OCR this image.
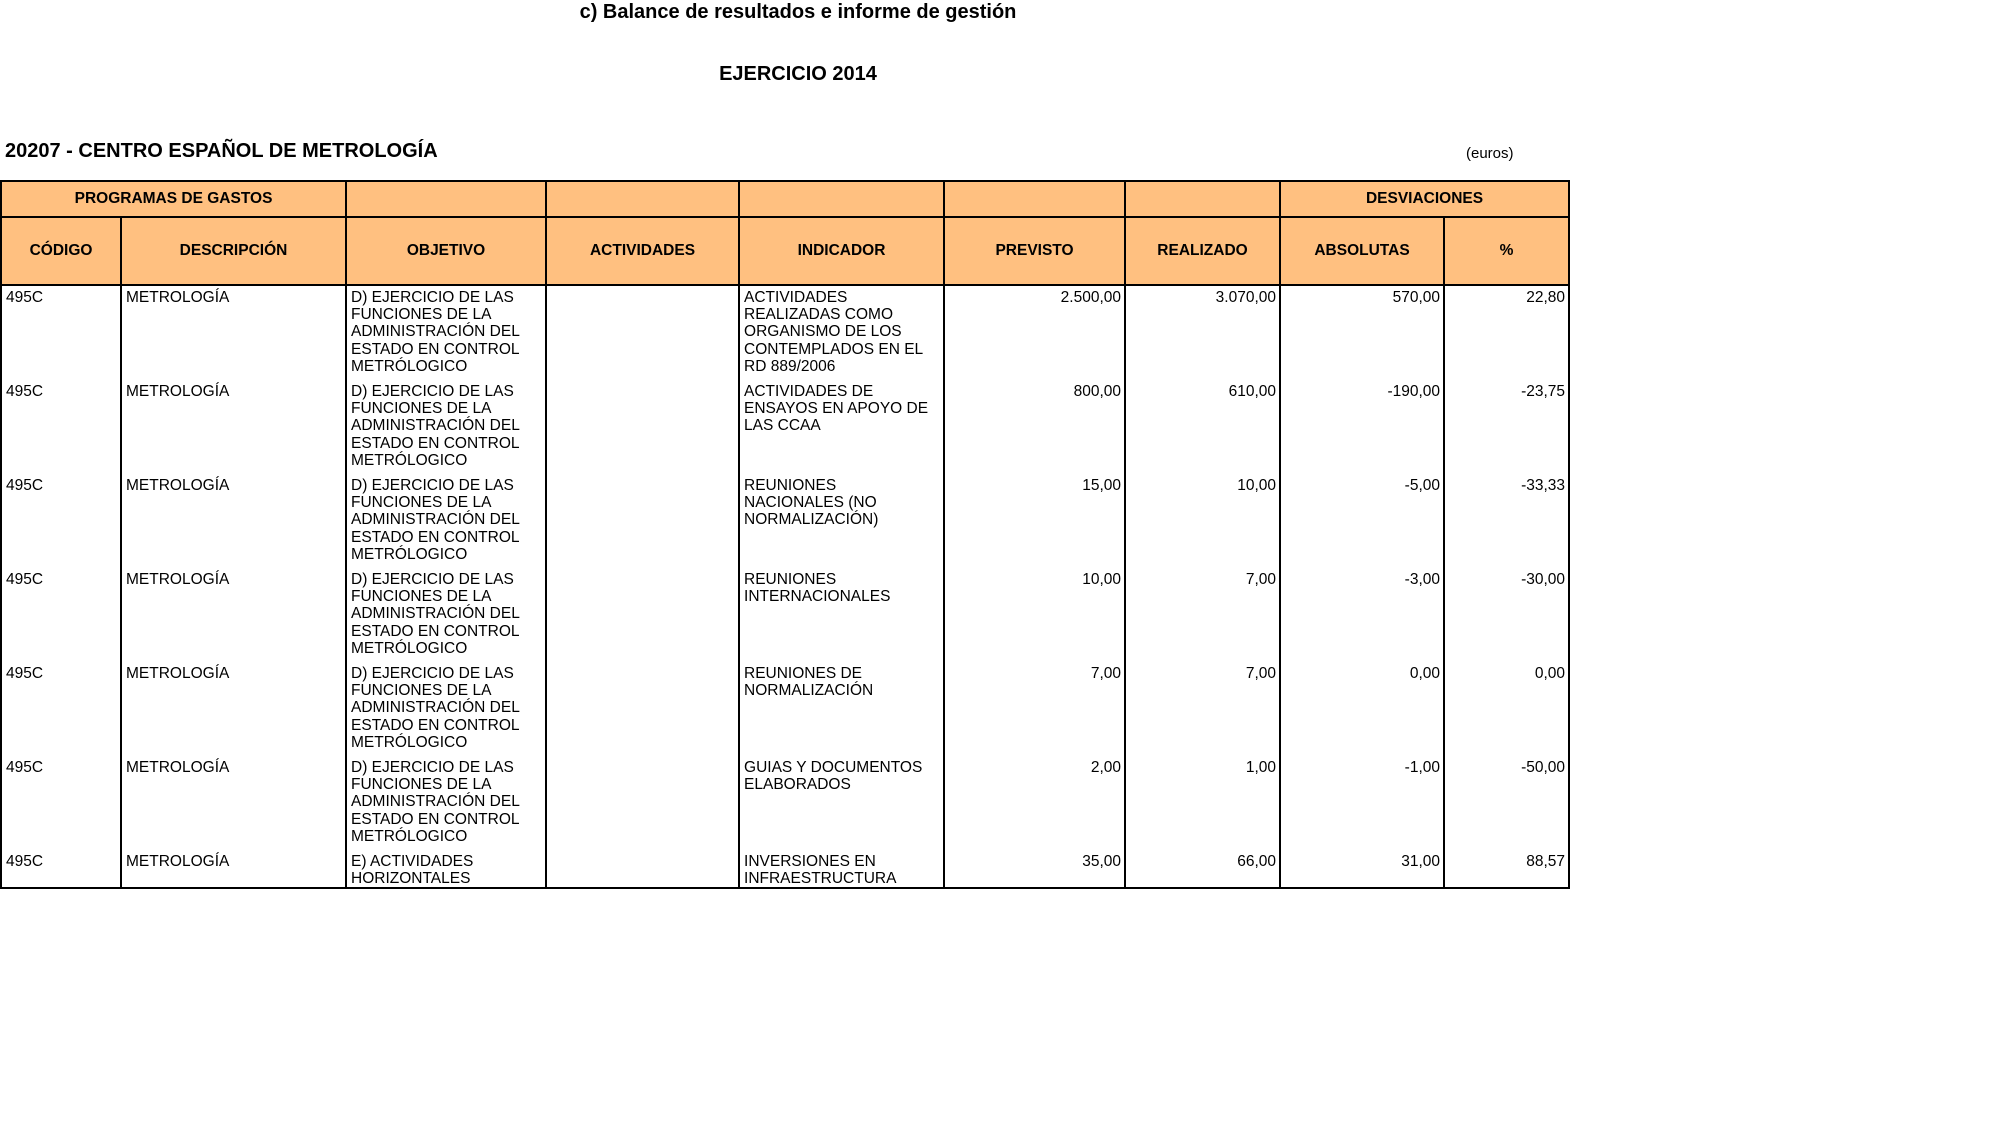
c) Balance de resultados e informe de gestión
EJERCICIO 2014
20207 - CENTRO ESPAÑOL DE METROLOGÍA	(euros)
PROGRAMAS DE GASTOS							DESVIACIONES	
CÓDIGO	DESCRIPCIÓN	OBJETIVO	ACTIVIDADES	INDICADOR	PREVISTO	REALIZADO	ABSOLUTAS	%
495C	METROLOGÍA	D) EJERCICIO DE LAS FUNCIONES DE LA ADMINISTRACIÓN DEL ESTADO EN CONTROL METRÓLOGICO		ACTIVIDADES REALIZADAS COMO ORGANISMO DE LOS CONTEMPLADOS EN EL RD 889/2006	2.500,00	3.070,00	570,00	22,80
495C	METROLOGÍA	D) EJERCICIO DE LAS FUNCIONES DE LA ADMINISTRACIÓN DEL ESTADO EN CONTROL METRÓLOGICO		ACTIVIDADES DE ENSAYOS EN APOYO DE LAS CCAA	800,00	610,00	-190,00	-23,75
495C	METROLOGÍA	D) EJERCICIO DE LAS FUNCIONES DE LA ADMINISTRACIÓN DEL ESTADO EN CONTROL METRÓLOGICO		REUNIONES NACIONALES (NO NORMALIZACIÓN)	15,00	10,00	-5,00	-33,33
495C	METROLOGÍA	D) EJERCICIO DE LAS FUNCIONES DE LA ADMINISTRACIÓN DEL ESTADO EN CONTROL METRÓLOGICO		REUNIONES INTERNACIONALES	10,00	7,00	-3,00	-30,00
495C	METROLOGÍA	D) EJERCICIO DE LAS FUNCIONES DE LA ADMINISTRACIÓN DEL ESTADO EN CONTROL METRÓLOGICO		REUNIONES DE NORMALIZACIÓN	7,00	7,00	0,00	0,00
495C	METROLOGÍA	D) EJERCICIO DE LAS FUNCIONES DE LA ADMINISTRACIÓN DEL ESTADO EN CONTROL METRÓLOGICO		GUIAS Y DOCUMENTOS ELABORADOS	2,00	1,00	-1,00	-50,00
495C	METROLOGÍA	E) ACTIVIDADES HORIZONTALES		INVERSIONES EN INFRAESTRUCTURA	35,00	66,00	31,00	88,57
